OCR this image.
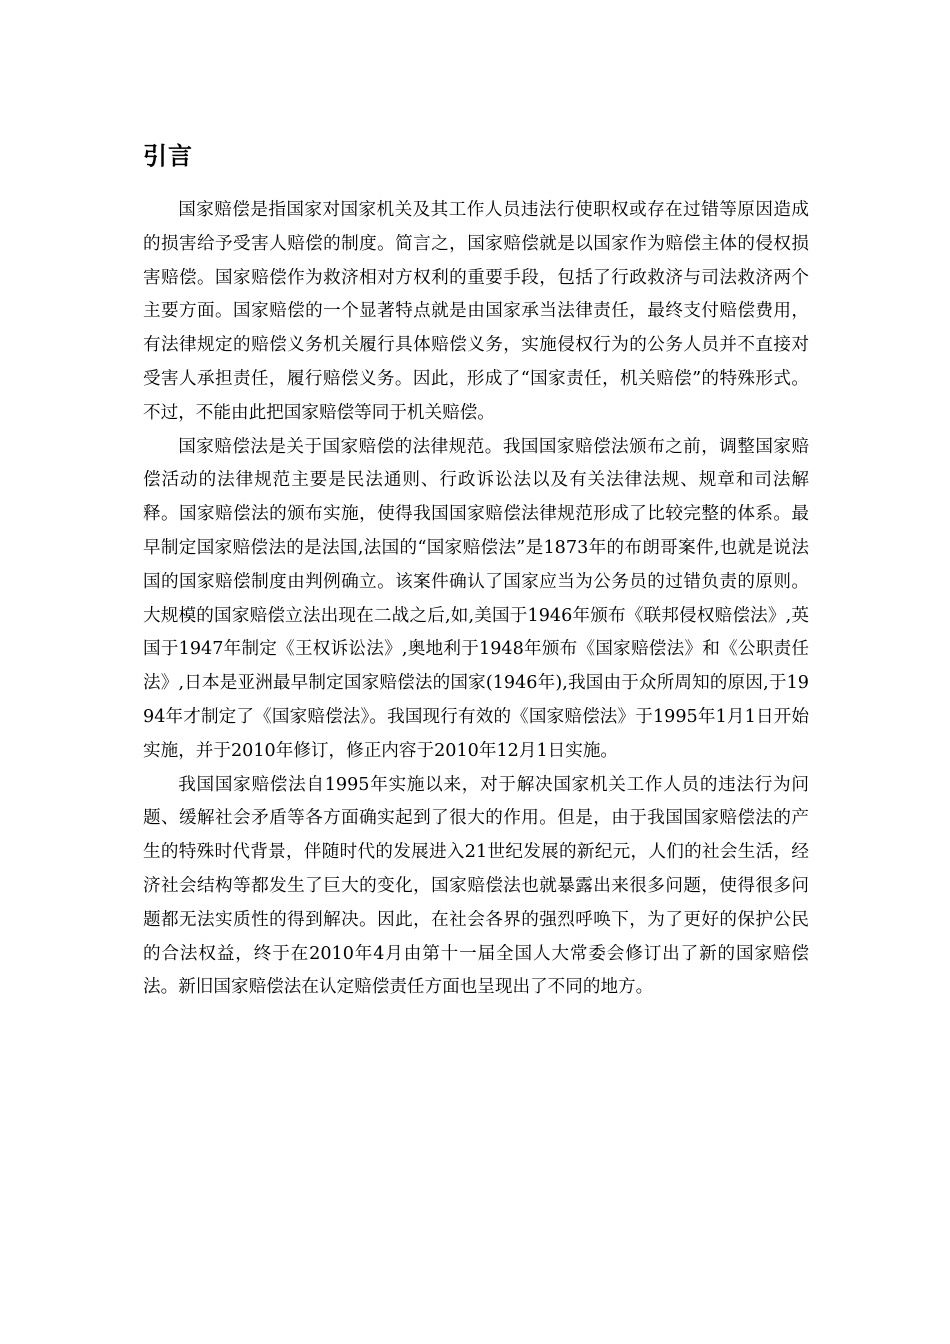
引言

国家赔偿是指国家对国家机关及其工作人员违法行使职权或存在过错等原因造成的损害给予受害人赔偿的制度。简言之，国家赔偿就是以国家作为赔偿主体的侵权损害赔偿。国家赔偿作为救济相对方权利的重要手段，包括了行政救济与司法救济两个主要方面。国家赔偿的一个显著特点就是由国家承当法律责任，最终支付赔偿费用，有法律规定的赔偿义务机关履行具体赔偿义务，实施侵权行为的公务人员并不直接对受害人承担责任，履行赔偿义务。因此，形成了“国家责任，机关赔偿”的特殊形式。不过，不能由此把国家赔偿等同于机关赔偿。

国家赔偿法是关于国家赔偿的法律规范。我国国家赔偿法颁布之前，调整国家赔偿活动的法律规范主要是民法通则、行政诉讼法以及有关法律法规、规章和司法解释。国家赔偿法的颁布实施，使得我国国家赔偿法律规范形成了比较完整的体系。最早制定国家赔偿法的是法国,法国的“国家赔偿法”是1873年的布朗哥案件,也就是说法国的国家赔偿制度由判例确立。该案件确认了国家应当为公务员的过错负责的原则。大规模的国家赔偿立法出现在二战之后,如,美国于1946年颁布《联邦侵权赔偿法》,英国于1947年制定《王权诉讼法》,奥地利于1948年颁布《国家赔偿法》和《公职责任法》,日本是亚洲最早制定国家赔偿法的国家(1946年),我国由于众所周知的原因,于1994年才制定了《国家赔偿法》。我国现行有效的《国家赔偿法》于1995年1月1日开始实施，并于2010年修订，修正内容于2010年12月1日实施。

我国国家赔偿法自1995年实施以来，对于解决国家机关工作人员的违法行为问题、缓解社会矛盾等各方面确实起到了很大的作用。但是，由于我国国家赔偿法的产生的特殊时代背景，伴随时代的发展进入21世纪发展的新纪元，人们的社会生活，经济社会结构等都发生了巨大的变化，国家赔偿法也就暴露出来很多问题，使得很多问题都无法实质性的得到解决。因此，在社会各界的强烈呼唤下，为了更好的保护公民的合法权益，终于在2010年4月由第十一届全国人大常委会修订出了新的国家赔偿法。新旧国家赔偿法在认定赔偿责任方面也呈现出了不同的地方。
